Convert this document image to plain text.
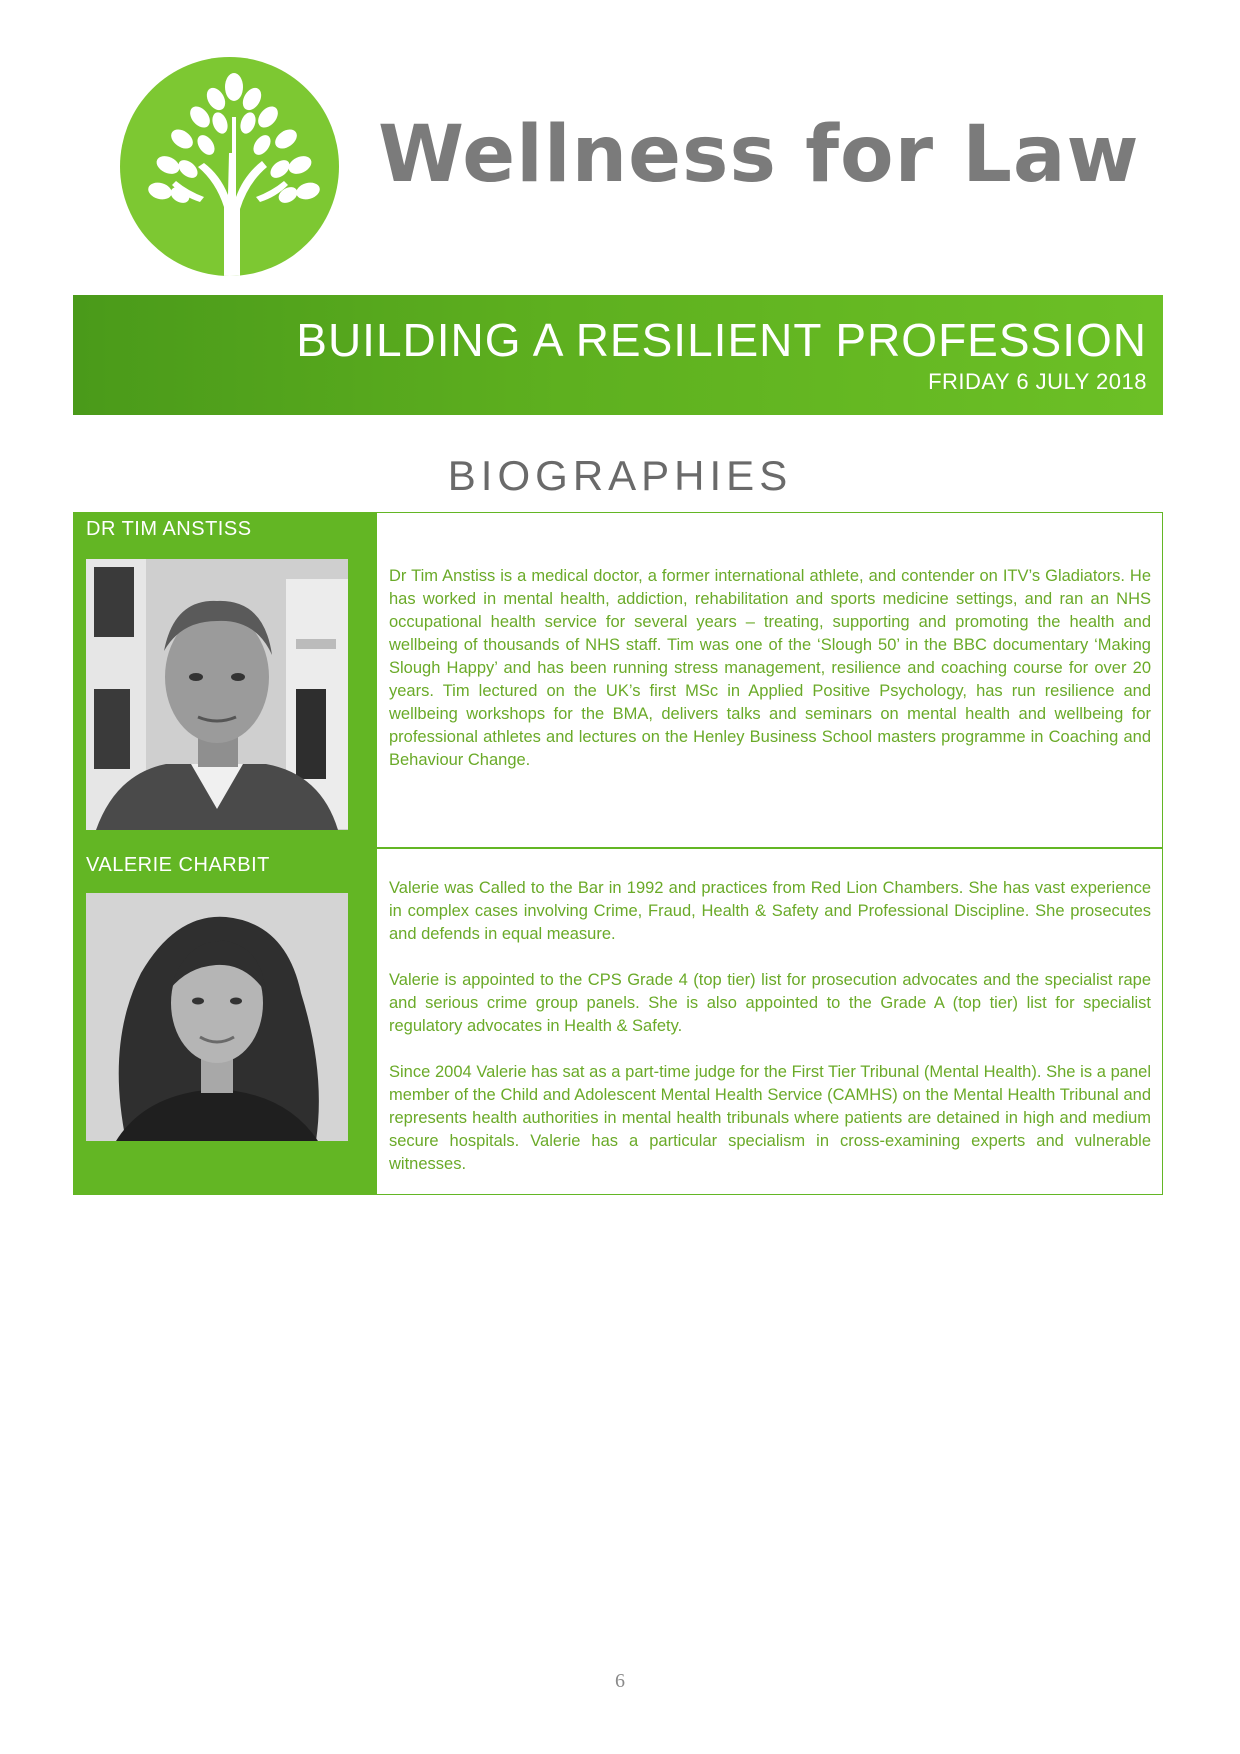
Wellness for Law
BUILDING A RESILIENT PROFESSION
FRIDAY 6 JULY 2018
BIOGRAPHIES
DR TIM ANSTISS

Dr Tim Anstiss is a medical doctor, a former international athlete, and contender on ITV’s Gladiators. He has worked in mental health, addiction, rehabilitation and sports medicine settings, and ran an NHS occupational health service for several years – treating, supporting and promoting the health and wellbeing of thousands of NHS staff. Tim was one of the ‘Slough 50’ in the BBC documentary ‘Making Slough Happy’ and has been running stress management, resilience and coaching course for over 20 years. Tim lectured on the UK’s first MSc in Applied Positive Psychology, has run resilience and wellbeing workshops for the BMA, delivers talks and seminars on mental health and wellbeing for professional athletes and lectures on the Henley Business School masters programme in Coaching and Behaviour Change.

VALERIE CHARBIT

Valerie was Called to the Bar in 1992 and practices from Red Lion Chambers. She has vast experience in complex cases involving Crime, Fraud, Health & Safety and Professional Discipline. She prosecutes and defends in equal measure.

Valerie is appointed to the CPS Grade 4 (top tier) list for prosecution advocates and the specialist rape and serious crime group panels. She is also appointed to the Grade A (top tier) list for specialist regulatory advocates in Health & Safety.

Since 2004 Valerie has sat as a part-time judge for the First Tier Tribunal (Mental Health). She is a panel member of the Child and Adolescent Mental Health Service (CAMHS) on the Mental Health Tribunal and represents health authorities in mental health tribunals where patients are detained in high and medium secure hospitals. Valerie has a particular specialism in cross-examining experts and vulnerable witnesses.

6
